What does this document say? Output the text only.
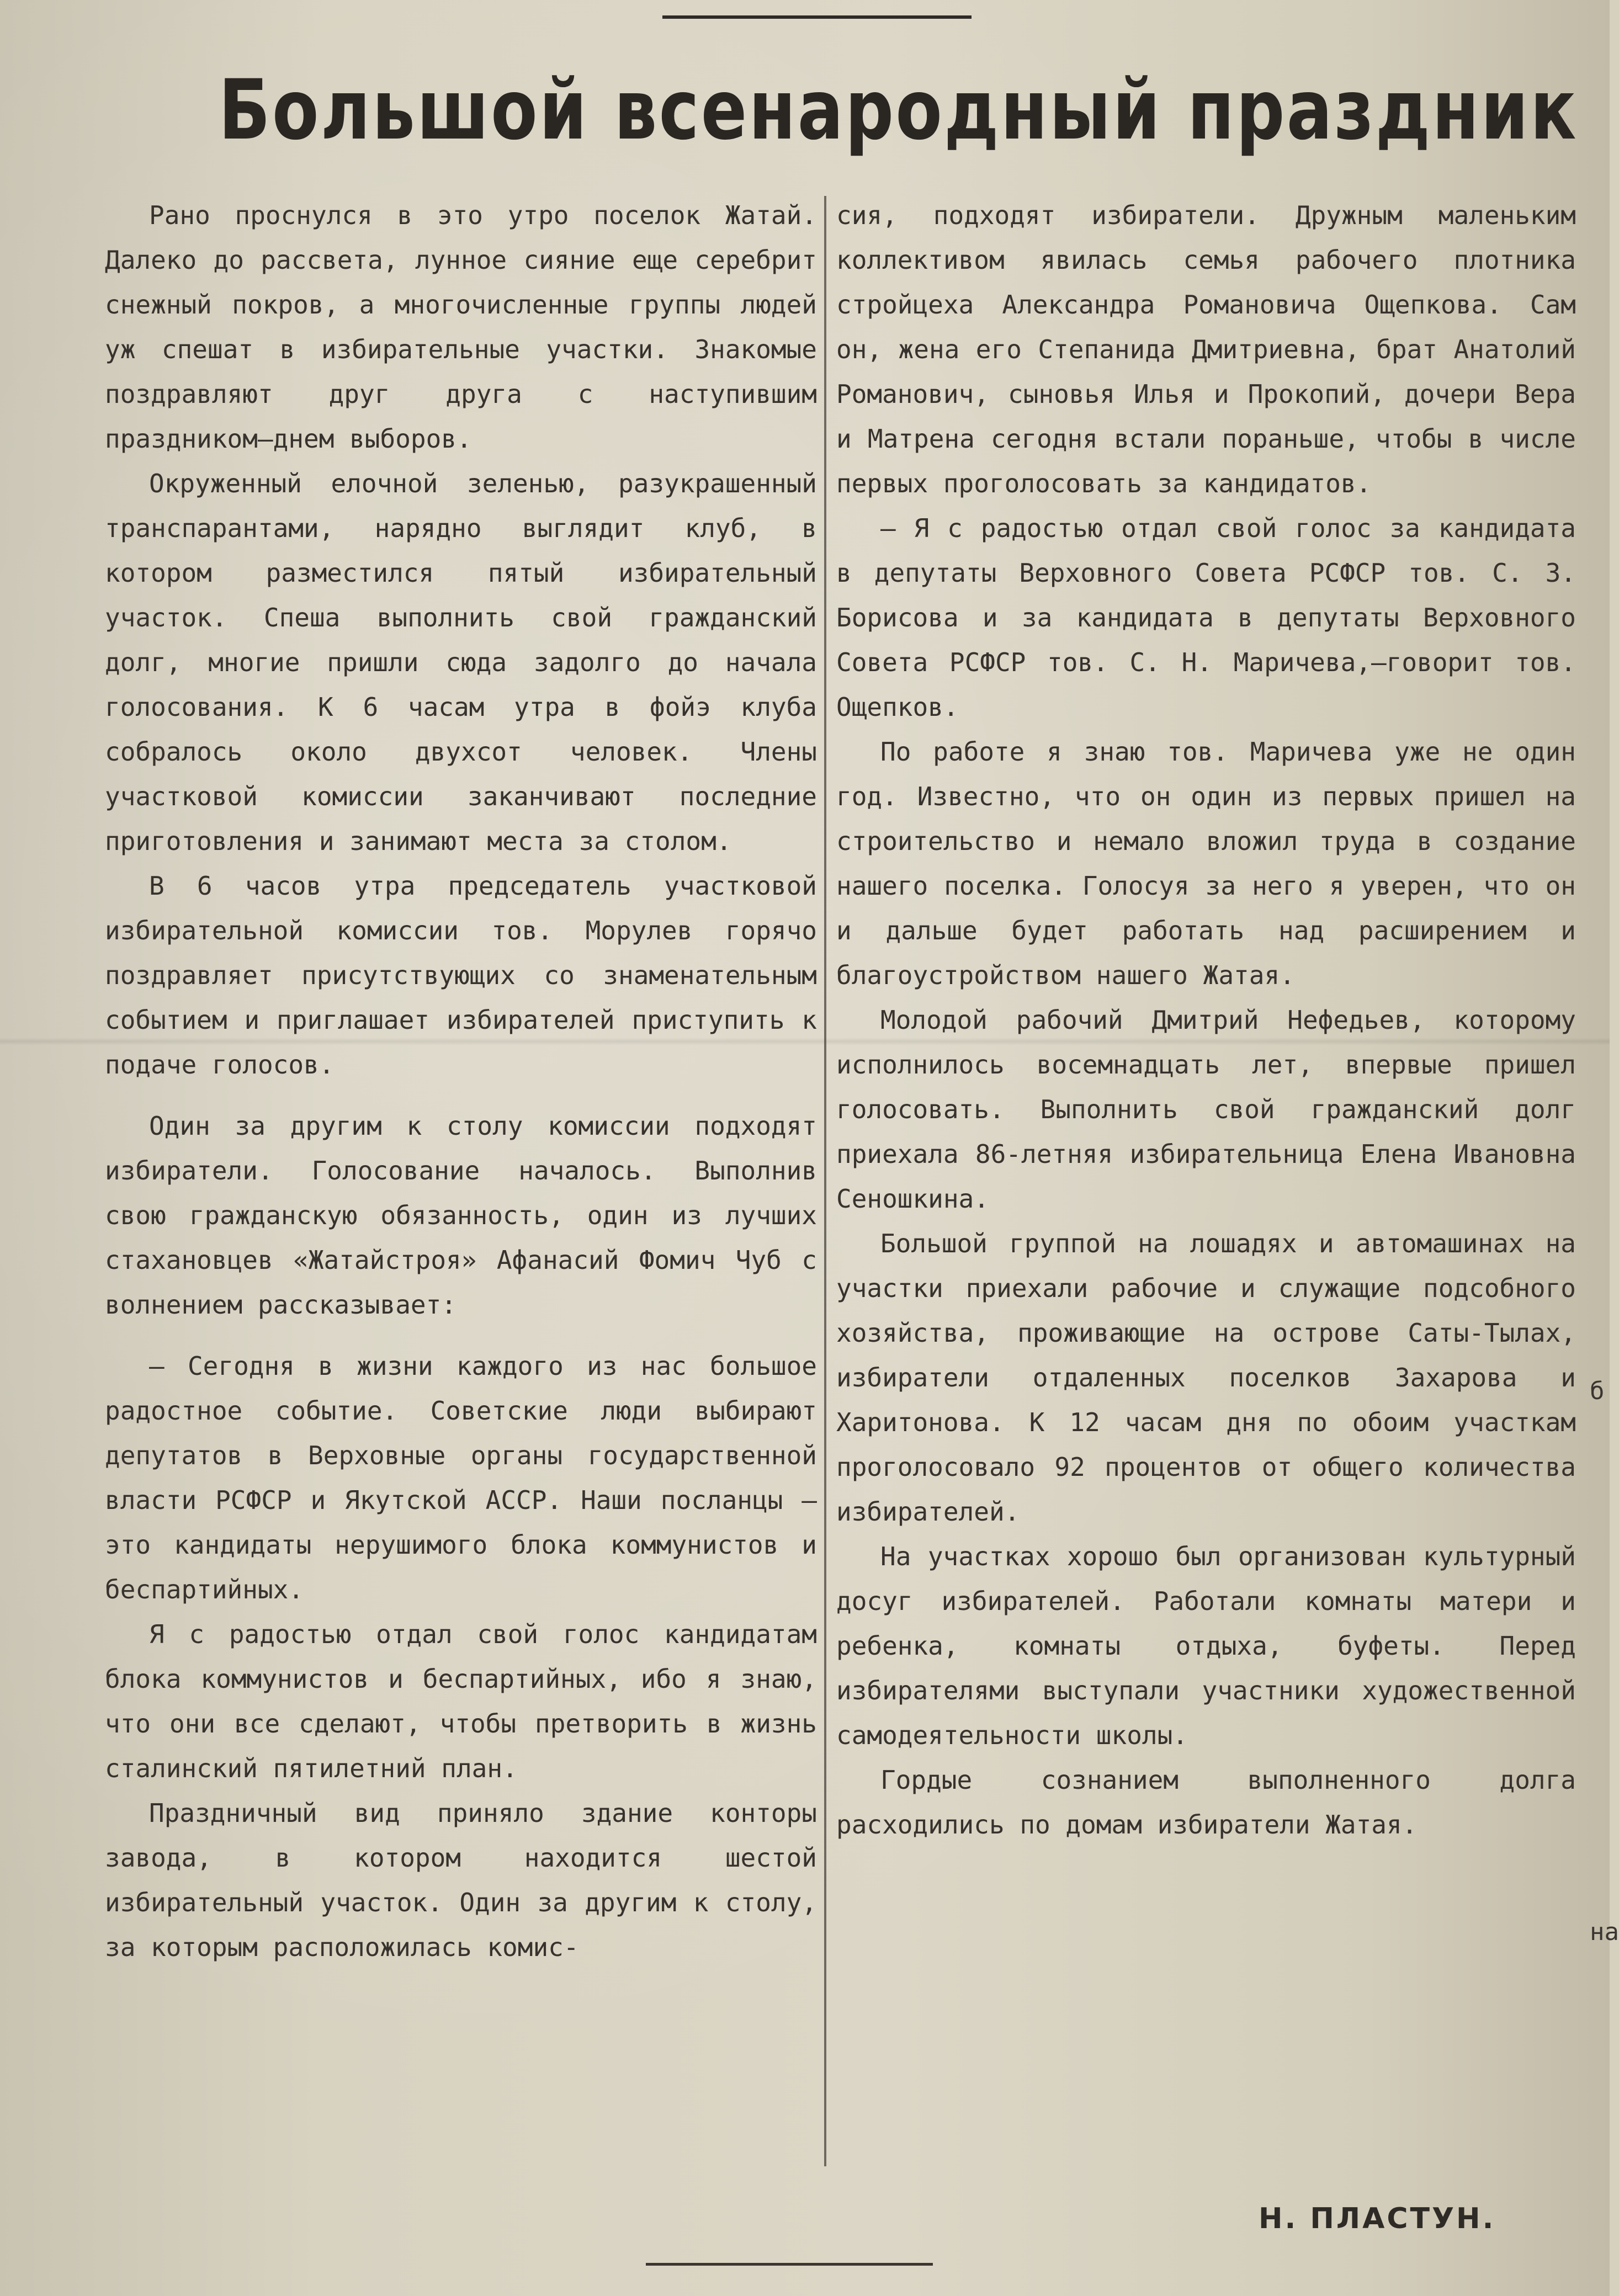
Большой всенародный праздник

Рано проснулся в это утро поселок Жатай. Далеко до рассвета, лунное сияние еще серебрит снежный покров, а многочисленные группы людей уж спешат в избирательные участки. Знакомые поздравляют друг друга с наступившим праздником—днем выборов.

Окруженный елочной зеленью, разукрашенный транспарантами, нарядно выглядит клуб, в котором разместился пятый избирательный участок. Спеша выполнить свой гражданский долг, многие пришли сюда задолго до начала голосования. К 6 часам утра в фойэ клуба собралось около двухсот человек. Члены участковой комиссии заканчивают последние приготовления и занимают места за столом.

В 6 часов утра председатель участковой избирательной комиссии тов. Морулев горячо поздравляет присутствующих со знаменательным событием и приглашает избирателей приступить к подаче голосов.

Один за другим к столу комиссии подходят избиратели. Голосование началось. Выполнив свою гражданскую обязанность, один из лучших стахановцев «Жатайстроя» Афанасий Фомич Чуб с волнением рассказывает:

— Сегодня в жизни каждого из нас большое радостное событие. Советские люди выбирают депутатов в Верховные органы государственной власти РСФСР и Якутской АССР. Наши посланцы — это кандидаты нерушимого блока коммунистов и беспартийных.

Я с радостью отдал свой голос кандидатам блока коммунистов и беспартийных, ибо я знаю, что они все сделают, чтобы претворить в жизнь сталинский пятилетний план.

Праздничный вид приняло здание конторы завода, в котором находится шестой избирательный участок. Один за другим к столу, за которым расположилась комис-

сия, подходят избиратели. Дружным маленьким коллективом явилась семья рабочего плотника стройцеха Александра Романовича Ощепкова. Сам он, жена его Степанида Дмитриевна, брат Анатолий Романович, сыновья Илья и Прокопий, дочери Вера и Матрена сегодня встали пораньше, чтобы в числе первых проголосовать за кандидатов.

— Я с радостью отдал свой голос за кандидата в депутаты Верховного Совета РСФСР тов. С. З. Борисова и за кандидата в депутаты Верховного Совета РСФСР тов. С. Н. Маричева,—говорит тов. Ощепков.

По работе я знаю тов. Маричева уже не один год. Известно, что он один из первых пришел на строительство и немало вложил труда в создание нашего поселка. Голосуя за него я уверен, что он и дальше будет работать над расширением и благоустройством нашего Жатая.

Молодой рабочий Дмитрий Нефедьев, которому исполнилось восемнадцать лет, впервые пришел голосовать. Выполнить свой гражданский долг приехала 86-летняя избирательница Елена Ивановна Сеношкина.

Большой группой на лошадях и автомашинах на участки приехали рабочие и служащие подсобного хозяйства, проживающие на острове Саты-Тылах, избиратели отдаленных поселков Захарова и Харитонова. К 12 часам дня по обоим участкам проголосовало 92 процентов от общего количества избирателей.

На участках хорошо был организован культурный досуг избирателей. Работали комнаты матери и ребенка, комнаты отдыха, буфеты. Перед избирателями выступали участники художественной самодеятельности школы.

Гордые сознанием выполненного долга расходились по домам избиратели Жатая.

Н. ПЛАСТУН.
б
на
